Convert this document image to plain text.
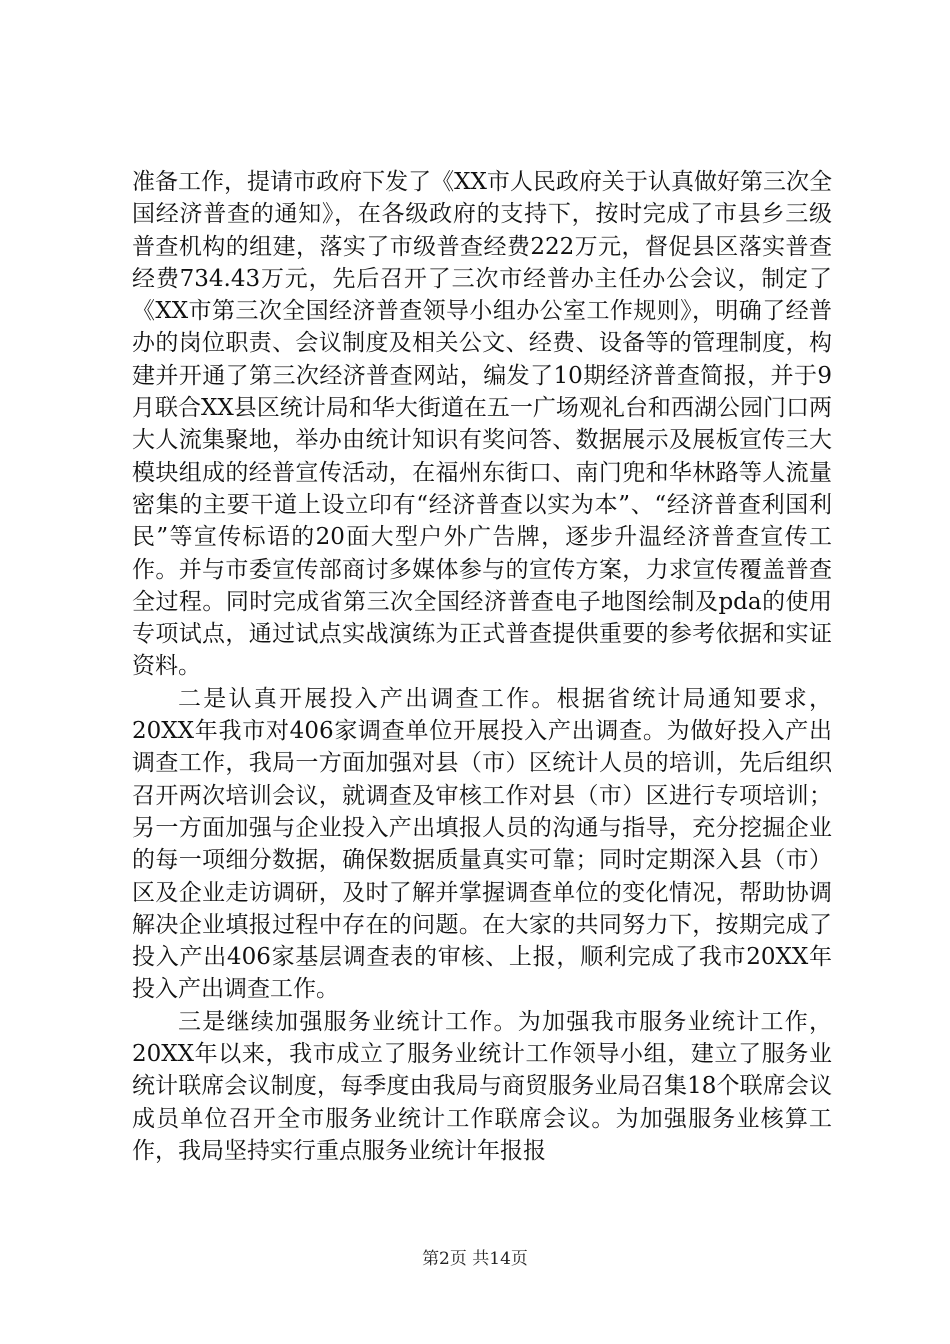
准备工作，提请市政府下发了《XX市人民政府关于认真做好第三次全国经济普查的通知》，在各级政府的支持下，按时完成了市县乡三级普查机构的组建，落实了市级普查经费222万元，督促县区落实普查经费734.43万元，先后召开了三次市经普办主任办公会议，制定了《XX市第三次全国经济普查领导小组办公室工作规则》，明确了经普办的岗位职责、会议制度及相关公文、经费、设备等的管理制度，构建并开通了第三次经济普查网站，编发了10期经济普查简报，并于9月联合XX县区统计局和华大街道在五一广场观礼台和西湖公园门口两大人流集聚地，举办由统计知识有奖问答、数据展示及展板宣传三大模块组成的经普宣传活动，在福州东街口、南门兜和华林路等人流量密集的主要干道上设立印有“经济普查以实为本”、“经济普查利国利民”等宣传标语的20面大型户外广告牌，逐步升温经济普查宣传工作。并与市委宣传部商讨多媒体参与的宣传方案，力求宣传覆盖普查全过程。同时完成省第三次全国经济普查电子地图绘制及pda的使用专项试点，通过试点实战演练为正式普查提供重要的参考依据和实证资料。

二是认真开展投入产出调查工作。根据省统计局通知要求，20XX年我市对406家调查单位开展投入产出调查。为做好投入产出调查工作，我局一方面加强对县（市）区统计人员的培训，先后组织召开两次培训会议，就调查及审核工作对县（市）区进行专项培训；另一方面加强与企业投入产出填报人员的沟通与指导，充分挖掘企业的每一项细分数据，确保数据质量真实可靠；同时定期深入县（市）区及企业走访调研，及时了解并掌握调查单位的变化情况，帮助协调解决企业填报过程中存在的问题。在大家的共同努力下，按期完成了投入产出406家基层调查表的审核、上报，顺利完成了我市20XX年投入产出调查工作。

三是继续加强服务业统计工作。为加强我市服务业统计工作，20XX年以来，我市成立了服务业统计工作领导小组，建立了服务业统计联席会议制度，每季度由我局与商贸服务业局召集18个联席会议成员单位召开全市服务业统计工作联席会议。为加强服务业核算工作，我局坚持实行重点服务业统计年报报

第2页 共14页
